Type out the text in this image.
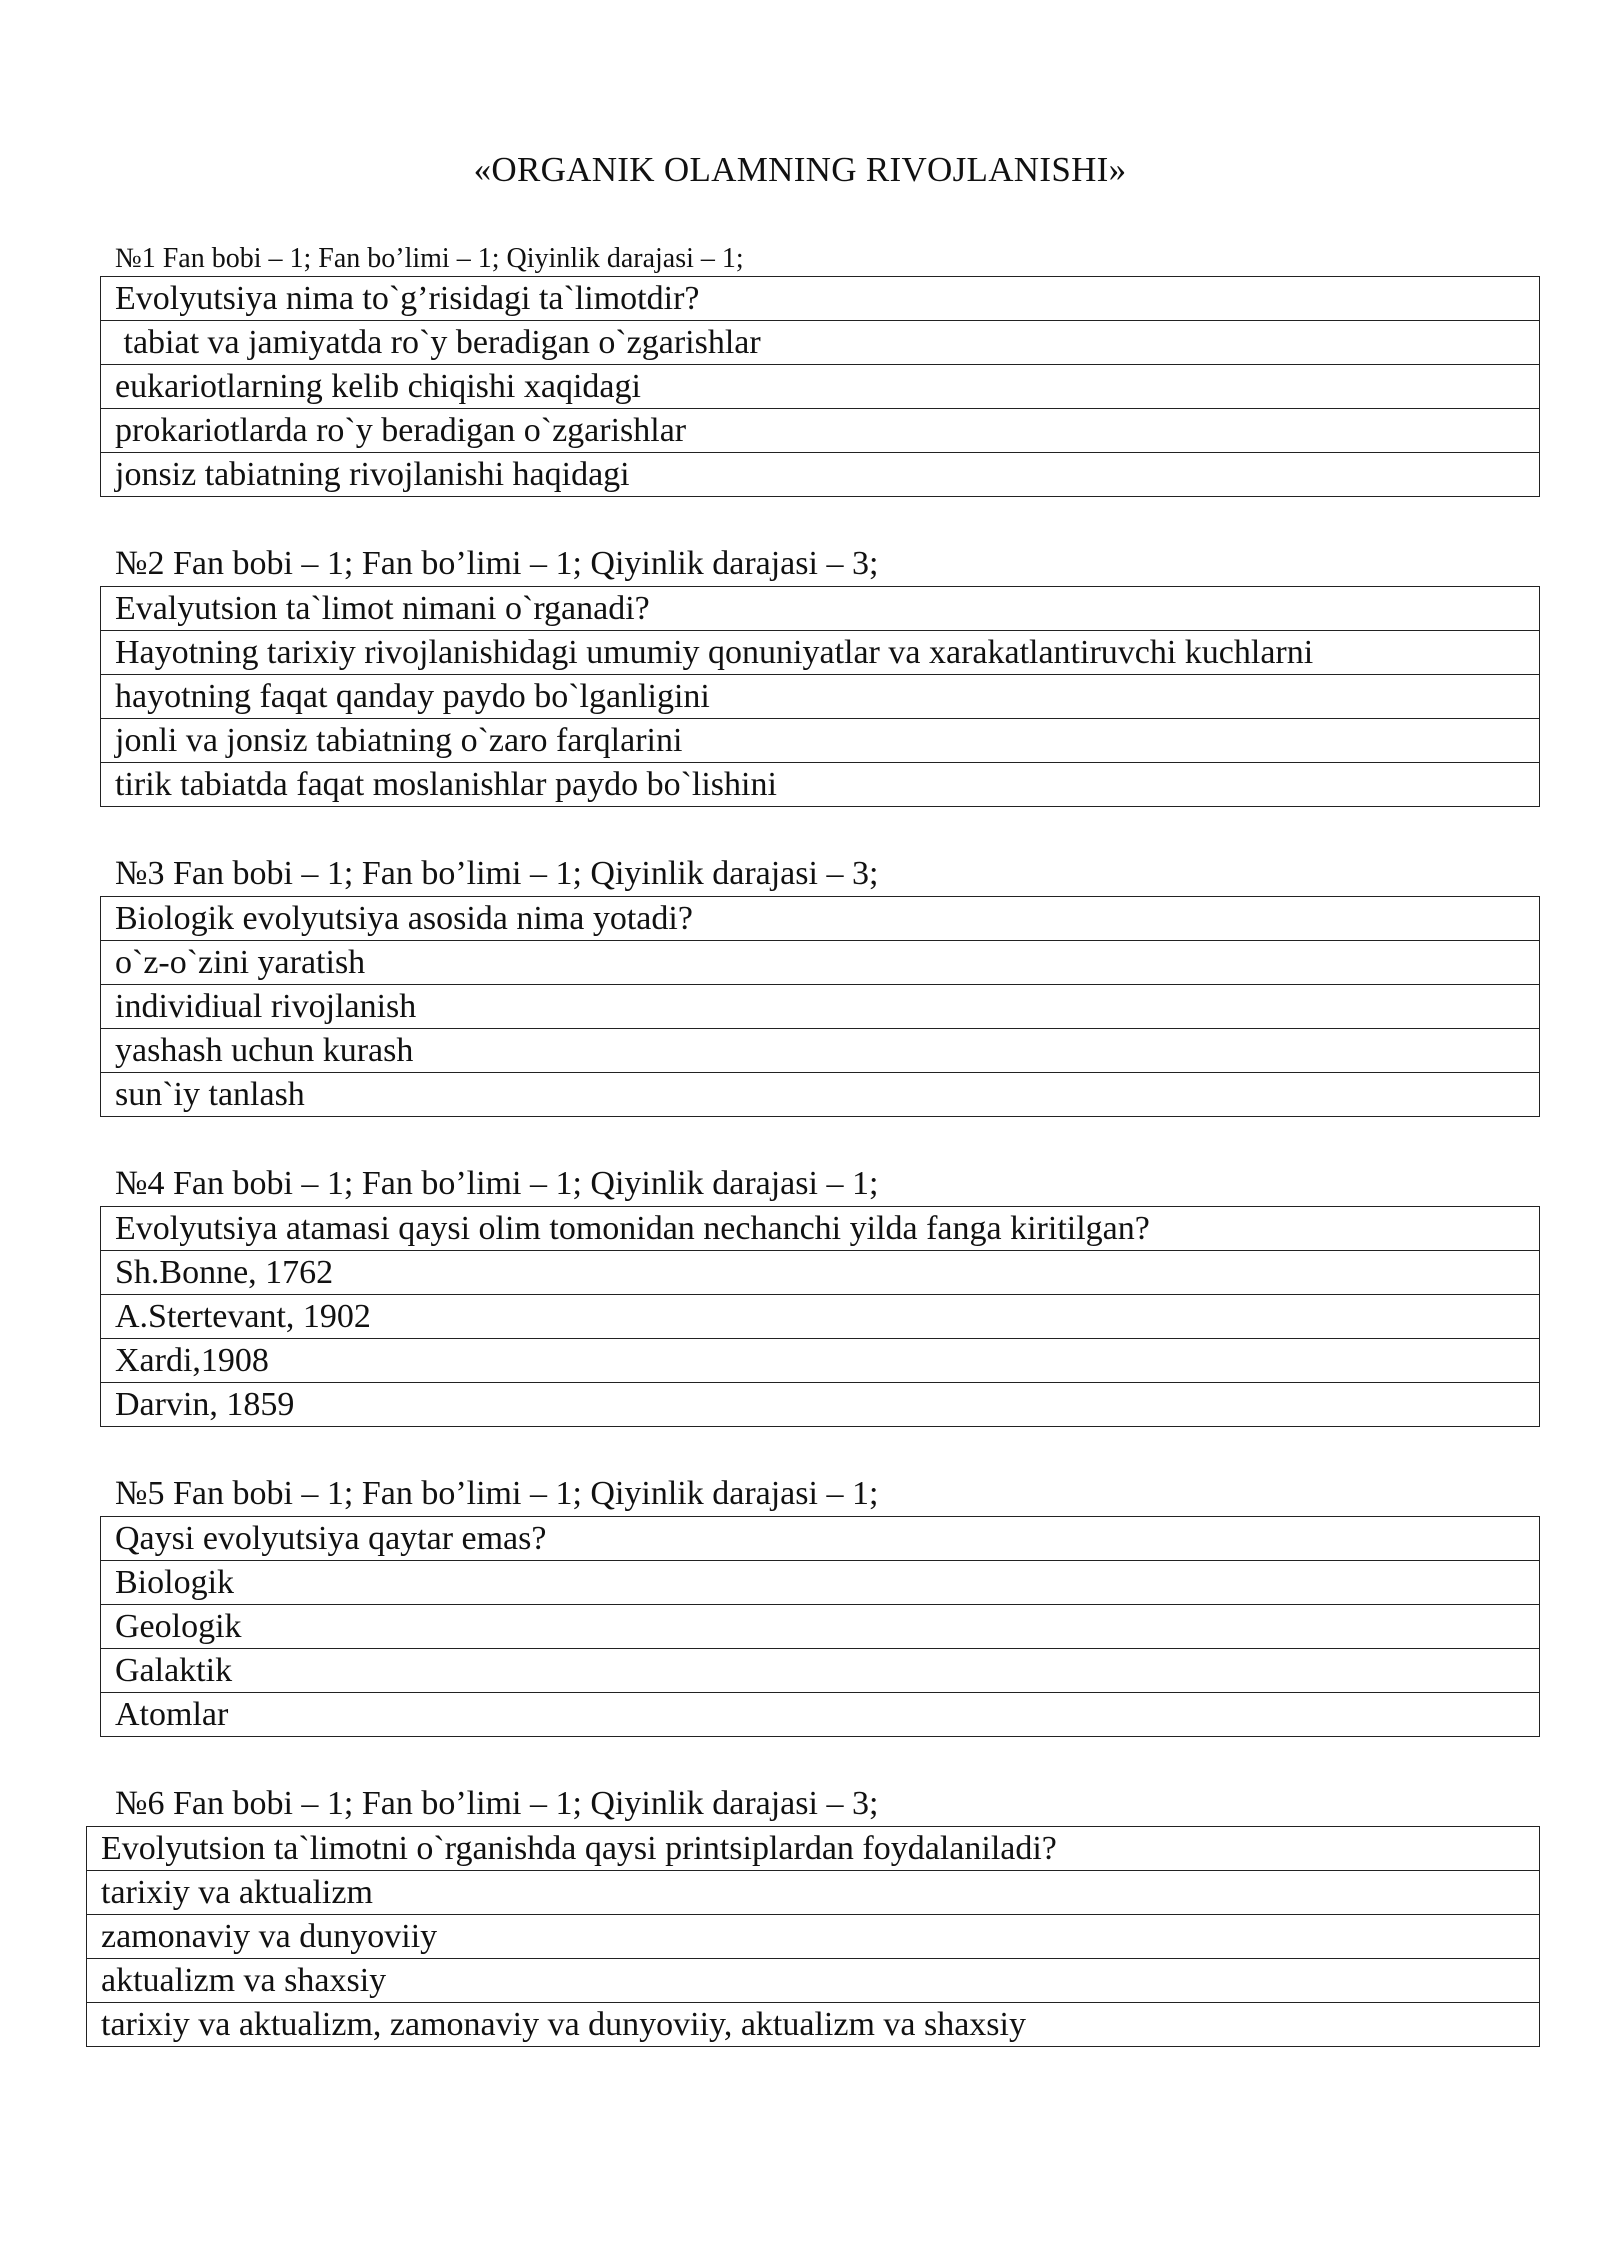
«ORGANIK OLAMNING RIVOJLANISHI»
№1 Fan bobi – 1; Fan bo’limi – 1; Qiyinlik darajasi – 1;
Evolyutsiya nima to`g’risidagi ta`limotdir?
tabiat va jamiyatda ro`y beradigan o`zgarishlar
eukariotlarning kelib chiqishi xaqidagi
prokariotlarda ro`y beradigan o`zgarishlar
jonsiz tabiatning rivojlanishi haqidagi
№2 Fan bobi – 1; Fan bo’limi – 1; Qiyinlik darajasi – 3;
Evalyutsion ta`limot nimani o`rganadi?
Hayotning tarixiy rivojlanishidagi umumiy qonuniyatlar va xarakatlantiruvchi kuchlarni
hayotning faqat qanday paydo bo`lganligini
jonli va jonsiz tabiatning o`zaro farqlarini
tirik tabiatda faqat moslanishlar paydo bo`lishini
№3 Fan bobi – 1; Fan bo’limi – 1; Qiyinlik darajasi – 3;
Biologik evolyutsiya asosida nima yotadi?
o`z-o`zini yaratish
individiual rivojlanish
yashash uchun kurash
sun`iy tanlash
№4 Fan bobi – 1; Fan bo’limi – 1; Qiyinlik darajasi – 1;
Evolyutsiya atamasi qaysi olim tomonidan nechanchi yilda fanga kiritilgan?
Sh.Bonne, 1762
A.Stertevant, 1902
Xardi,1908
Darvin, 1859
№5 Fan bobi – 1; Fan bo’limi – 1; Qiyinlik darajasi – 1;
Qaysi evolyutsiya qaytar emas?
Biologik
Geologik
Galaktik
Atomlar
№6 Fan bobi – 1; Fan bo’limi – 1; Qiyinlik darajasi – 3;
Evolyutsion ta`limotni o`rganishda qaysi printsiplardan foydalaniladi?
tarixiy va aktualizm
zamonaviy va dunyoviiy
aktualizm va shaxsiy
tarixiy va aktualizm, zamonaviy va dunyoviiy, aktualizm va shaxsiy
